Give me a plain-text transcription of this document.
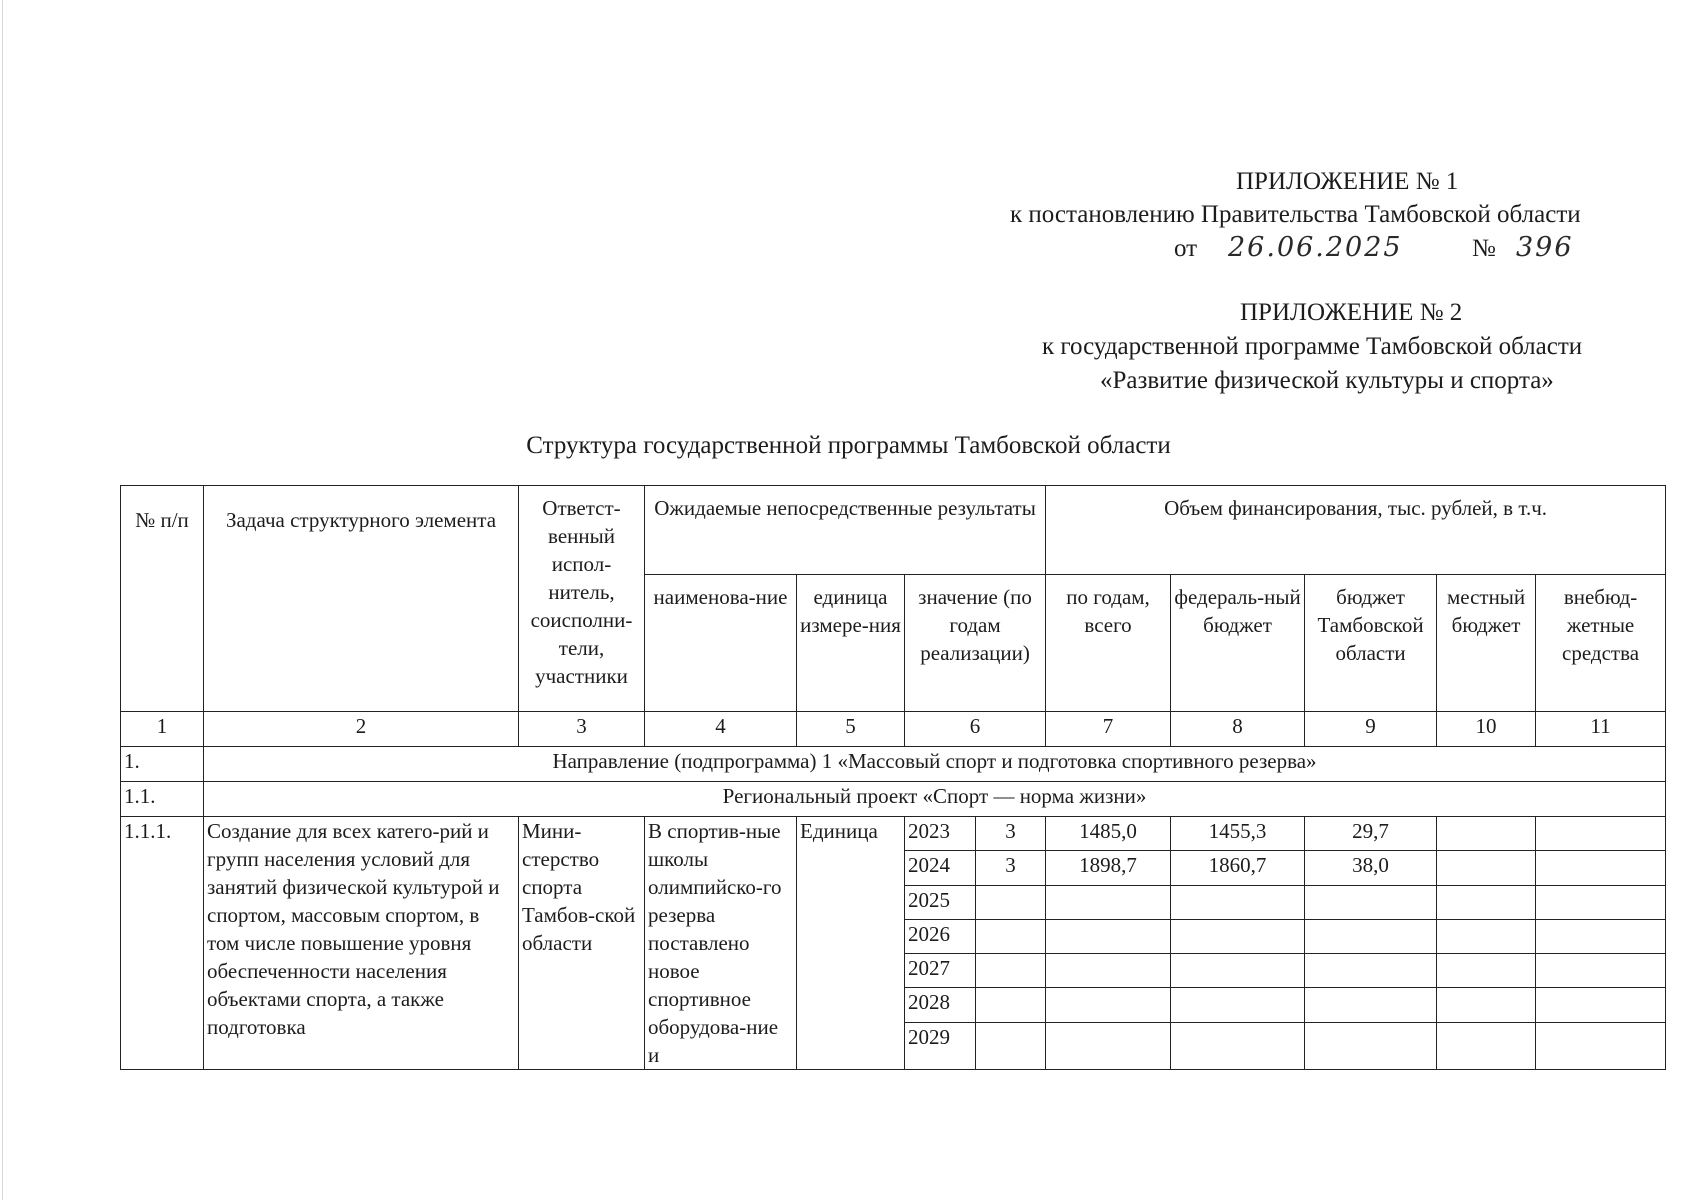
ПРИЛОЖЕНИЕ № 1
к постановлению Правительства Тамбовской области
от 26.06.2025	№ 396
ПРИЛОЖЕНИЕ № 2
к государственной программе Тамбовской области
«Развитие физической культуры и спорта»
Структура государственной программы Тамбовской области
№ п/п	Задача структурного элемента	Ответст-венный испол-нитель, соисполни-тели, участники	Ожидаемые непосредственные результаты				Объем финансирования, тыс. рублей, в т.ч.				
			наименова-ние	единица измере-ния	значение (по годам реализации)		по годам, всего	федераль-ный бюджет	бюджет Тамбовской области	местный бюджет	внебюд-жетные средства
1	2	3	4	5	6		7	8	9	10	11
1.	Направление (подпрограмма) 1 «Массовый спорт и подготовка спортивного резерва»										
1.1.	Региональный проект «Спорт — норма жизни»										
1.1.1.	Создание для всех катего-рий и групп населения условий для занятий физической культурой и спортом, массовым спортом, в том числе повышение уровня обеспеченности населения объектами спорта, а также подготовка	Мини-стерство спорта Тамбов-ской области	В спортив-ные школы олимпийско-го резерва поставлено новое спортивное оборудова-ние и	Единица	2023	3	1485,0	1455,3	29,7		
					2024	3	1898,7	1860,7	38,0		
					2025						
					2026						
					2027						
					2028						
					2029						
